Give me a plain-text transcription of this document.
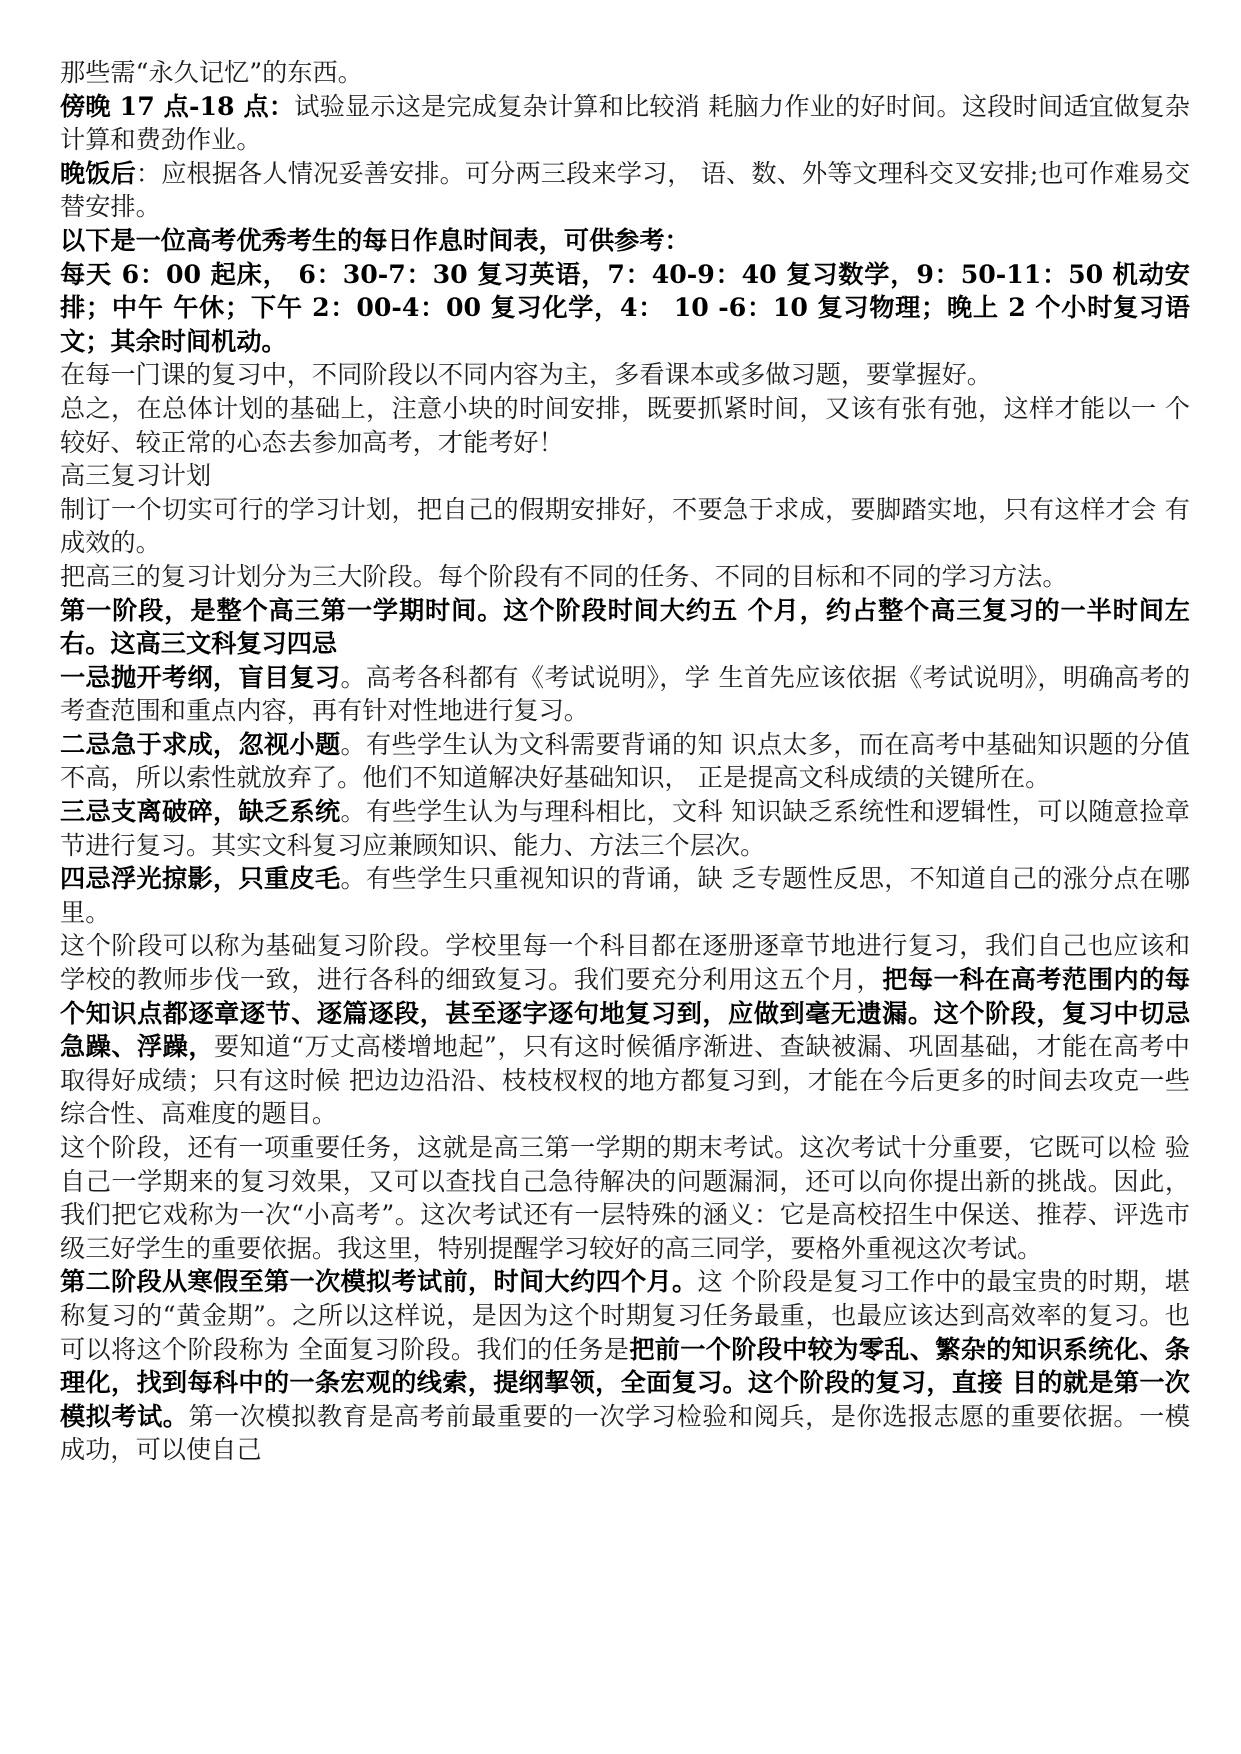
那些需“永久记忆”的东西。

傍晚 17 点-18 点：试验显示这是完成复杂计算和比较消 耗脑力作业的好时间。这段时间适宜做复杂计算和费劲作业。

晚饭后：应根据各人情况妥善安排。可分两三段来学习， 语、数、外等文理科交叉安排;也可作难易交替安排。

以下是一位高考优秀考生的每日作息时间表，可供参考：

每天 6：00 起床， 6：30-7：30 复习英语，7：40-9：40 复习数学，9：50-11：50 机动安排；中午 午休；下午 2：00-4：00 复习化学，4： 10 -6：10 复习物理；晚上 2 个小时复习语文；其余时间机动。

在每一门课的复习中，不同阶段以不同内容为主，多看课本或多做习题，要掌握好。

总之，在总体计划的基础上，注意小块的时间安排，既要抓紧时间，又该有张有弛，这样才能以一 个较好、较正常的心态去参加高考，才能考好！

高三复习计划

制订一个切实可行的学习计划，把自己的假期安排好，不要急于求成，要脚踏实地，只有这样才会 有成效的。

把高三的复习计划分为三大阶段。每个阶段有不同的任务、不同的目标和不同的学习方法。

第一阶段，是整个高三第一学期时间。这个阶段时间大约五 个月，约占整个高三复习的一半时间左右。这高三文科复习四忌

一忌抛开考纲，盲目复习。高考各科都有《考试说明》，学 生首先应该依据《考试说明》，明确高考的考查范围和重点内容，再有针对性地进行复习。

二忌急于求成，忽视小题。有些学生认为文科需要背诵的知 识点太多，而在高考中基础知识题的分值不高，所以索性就放弃了。他们不知道解决好基础知识， 正是提高文科成绩的关键所在。

三忌支离破碎，缺乏系统。有些学生认为与理科相比，文科 知识缺乏系统性和逻辑性，可以随意捡章节进行复习。其实文科复习应兼顾知识、能力、方法三个层次。

四忌浮光掠影，只重皮毛。有些学生只重视知识的背诵，缺 乏专题性反思，不知道自己的涨分点在哪里。

这个阶段可以称为基础复习阶段。学校里每一个科目都在逐册逐章节地进行复习，我们自己也应该和学校的教师步伐一致，进行各科的细致复习。我们要充分利用这五个月，把每一科在高考范围内的每个知识点都逐章逐节、逐篇逐段，甚至逐字逐句地复习到，应做到毫无遗漏。这个阶段，复习中切忌急躁、浮躁，要知道“万丈高楼增地起”，只有这时候循序渐进、查缺被漏、巩固基础，才能在高考中取得好成绩；只有这时候 把边边沿沿、枝枝杈杈的地方都复习到，才能在今后更多的时间去攻克一些综合性、高难度的题目。

这个阶段，还有一项重要任务，这就是高三第一学期的期末考试。这次考试十分重要，它既可以检 验自己一学期来的复习效果，又可以查找自己急待解决的问题漏洞，还可以向你提出新的挑战。因此，我们把它戏称为一次“小高考”。这次考试还有一层特殊的涵义：它是高校招生中保送、推荐、评选市级三好学生的重要依据。我这里，特别提醒学习较好的高三同学，要格外重视这次考试。

第二阶段从寒假至第一次模拟考试前，时间大约四个月。这 个阶段是复习工作中的最宝贵的时期，堪称复习的“黄金期”。之所以这样说，是因为这个时期复习任务最重，也最应该达到高效率的复习。也可以将这个阶段称为 全面复习阶段。我们的任务是把前一个阶段中较为零乱、繁杂的知识系统化、条理化，找到每科中的一条宏观的线索，提纲挈领，全面复习。这个阶段的复习，直接 目的就是第一次模拟考试。第一次模拟教育是高考前最重要的一次学习检验和阅兵，是你选报志愿的重要依据。一模成功，可以使自己
